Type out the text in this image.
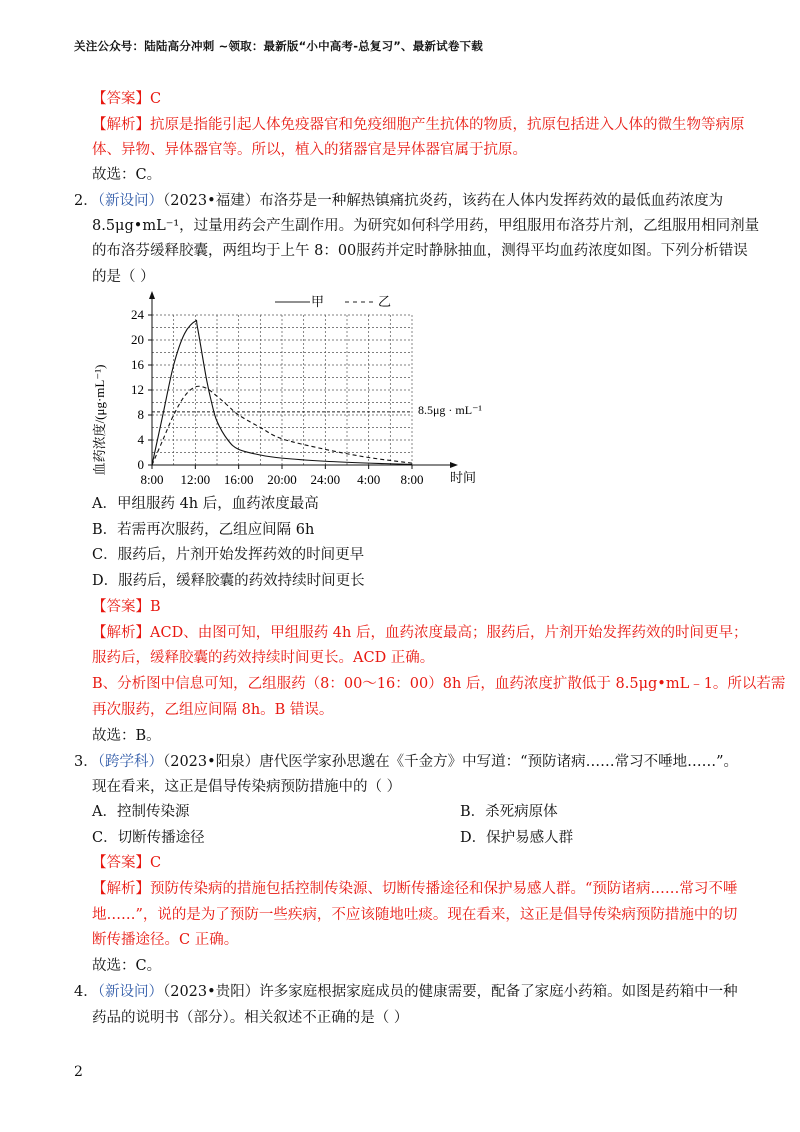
关注公众号：陆陆高分冲刺 ~领取：最新版“小中高考-总复习”、最新试卷下载
【答案】C
【解析】抗原是指能引起人体免疫器官和免疫细胞产生抗体的物质，抗原包括进入人体的微生物等病原
体、异物、异体器官等。所以，植入的猪器官是异体器官属于抗原。
故选：C。
2．（新设问）（2023•福建）布洛芬是一种解热镇痛抗炎药，该药在人体内发挥药效的最低血药浓度为
8.5μg•mL⁻¹，过量用药会产生副作用。为研究如何科学用药，甲组服用布洛芬片剂，乙组服用相同剂量
的布洛芬缓释胶囊，两组均于上午 8：00服药并定时静脉抽血，测得平均血药浓度如图。下列分析错误
的是（ ）
0
4
8
12
16
20
24
8:00 12:00 16:00 20:00 24:00 4:00 8:00
血药浓度/(μg·mL⁻¹)
时间
甲	乙
8.5μg · mL⁻¹
A．甲组服药 4h 后，血药浓度最高
B．若需再次服药，乙组应间隔 6h
C．服药后，片剂开始发挥药效的时间更早
D．服药后，缓释胶囊的药效持续时间更长
【答案】B
【解析】ACD、由图可知，甲组服药 4h 后，血药浓度最高；服药后，片剂开始发挥药效的时间更早；
服药后，缓释胶囊的药效持续时间更长。ACD 正确。
B、分析图中信息可知，乙组服药（8：00～16：00）8h 后，血药浓度扩散低于 8.5μg•mL﹣1。所以若需
再次服药，乙组应间隔 8h。B 错误。
故选：B。
3．（跨学科）（2023•阳泉）唐代医学家孙思邈在《千金方》中写道：“预防诸病……常习不唾地……”。
现在看来，这正是倡导传染病预防措施中的（ ）
A．控制传染源	B．杀死病原体
C．切断传播途径	D．保护易感人群
【答案】C
【解析】预防传染病的措施包括控制传染源、切断传播途径和保护易感人群。“预防诸病……常习不唾
地……”，说的是为了预防一些疾病，不应该随地吐痰。现在看来，这正是倡导传染病预防措施中的切
断传播途径。C 正确。
故选：C。
4．（新设问）（2023•贵阳）许多家庭根据家庭成员的健康需要，配备了家庭小药箱。如图是药箱中一种
药品的说明书（部分）。相关叙述不正确的是（ ）
2
